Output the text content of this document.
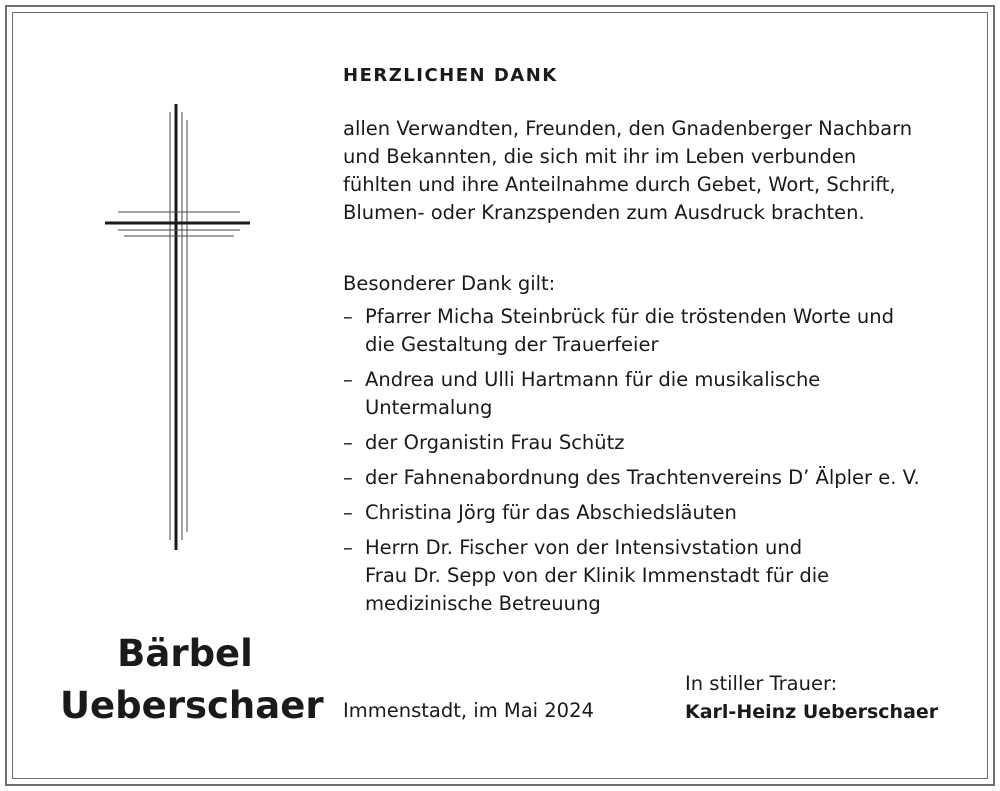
Bärbel
Ueberschaer
HERZLICHEN DANK
allen Verwandten, Freunden, den Gnadenberger Nachbarn
und Bekannten, die sich mit ihr im Leben verbunden
fühlten und ihre Anteilnahme durch Gebet, Wort, Schrift,
Blumen- oder Kranzspenden zum Ausdruck brachten.
Besonderer Dank gilt:
– Pfarrer Micha Steinbrück für die tröstenden Worte und
die Gestaltung der Trauerfeier
– Andrea und Ulli Hartmann für die musikalische
Untermalung
– der Organistin Frau Schütz
– der Fahnenabordnung des Trachtenvereins D’ Älpler e. V.
– Christina Jörg für das Abschiedsläuten
– Herrn Dr. Fischer von der Intensivstation und
Frau Dr. Sepp von der Klinik Immenstadt für die
medizinische Betreuung
Immenstadt, im Mai 2024
In stiller Trauer:
Karl-Heinz Ueberschaer
